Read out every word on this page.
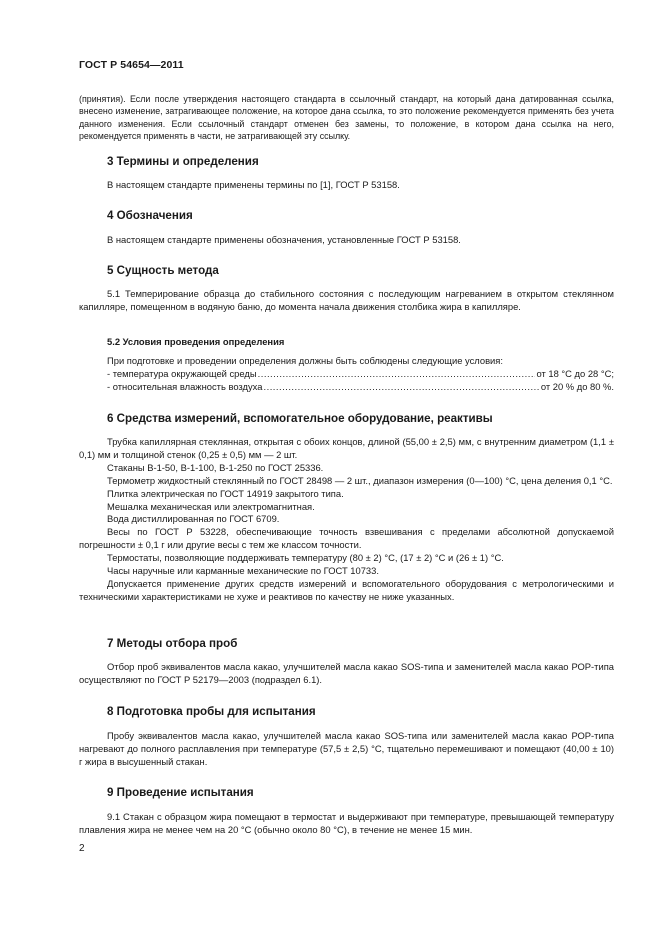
ГОСТ Р 54654—2011

(принятия). Если после утверждения настоящего стандарта в ссылочный стандарт, на который дана датированная ссылка, внесено изменение, затрагивающее положение, на которое дана ссылка, то это положение рекомендуется применять без учета данного изменения. Если ссылочный стандарт отменен без замены, то положение, в котором дана ссылка на него, рекомендуется применять в части, не затрагивающей эту ссылку.

3 Термины и определения

В настоящем стандарте применены термины по [1], ГОСТ Р 53158.

4 Обозначения

В настоящем стандарте применены обозначения, установленные ГОСТ Р 53158.

5 Сущность метода

5.1 Темперирование образца до стабильного состояния с последующим нагреванием в открытом стеклянном капилляре, помещенном в водяную баню, до момента начала движения столбика жира в капилляре.

5.2 Условия проведения определения

При подготовке и проведении определения должны быть соблюдены следующие условия:

- температура окружающей среды .....	от 18 °С до 28 °С;
- относительная влажность воздуха .....	от 20 % до 80 %.
6 Средства измерений, вспомогательное оборудование, реактивы

Трубка капиллярная стеклянная, открытая с обоих концов, длиной (55,00 ± 2,5) мм, с внутренним диаметром (1,1 ± 0,1) мм и толщиной стенок (0,25 ± 0,5) мм — 2 шт.

Стаканы В-1-50, В-1-100, В-1-250 по ГОСТ 25336.

Термометр жидкостный стеклянный по ГОСТ 28498 — 2 шт., диапазон измерения (0—100) °С, цена деления 0,1 °С.

Плитка электрическая по ГОСТ 14919 закрытого типа.

Мешалка механическая или электромагнитная.

Вода дистиллированная по ГОСТ 6709.

Весы по ГОСТ Р 53228, обеспечивающие точность взвешивания с пределами абсолютной допускаемой погрешности ± 0,1 г или другие весы с тем же классом точности.

Термостаты, позволяющие поддерживать температуру (80 ± 2) °С, (17 ± 2) °С и (26 ± 1) °С.

Часы наручные или карманные механические по ГОСТ 10733.

Допускается применение других средств измерений и вспомогательного оборудования с метрологическими и техническими характеристиками не хуже и реактивов по качеству не ниже указанных.

7 Методы отбора проб

Отбор проб эквивалентов масла какао, улучшителей масла какао SOS-типа и заменителей масла какао РОР-типа осуществляют по ГОСТ Р 52179—2003 (подраздел 6.1).

8 Подготовка пробы для испытания

Пробу эквивалентов масла какао, улучшителей масла какао SOS-типа или заменителей масла какао РОР-типа нагревают до полного расплавления при температуре (57,5 ± 2,5) °С, тщательно перемешивают и помещают (40,00 ± 10) г жира в высушенный стакан.

9 Проведение испытания

9.1 Стакан с образцом жира помещают в термостат и выдерживают при температуре, превышающей температуру плавления жира не менее чем на 20 °С (обычно около 80 °С), в течение не менее 15 мин.

2
